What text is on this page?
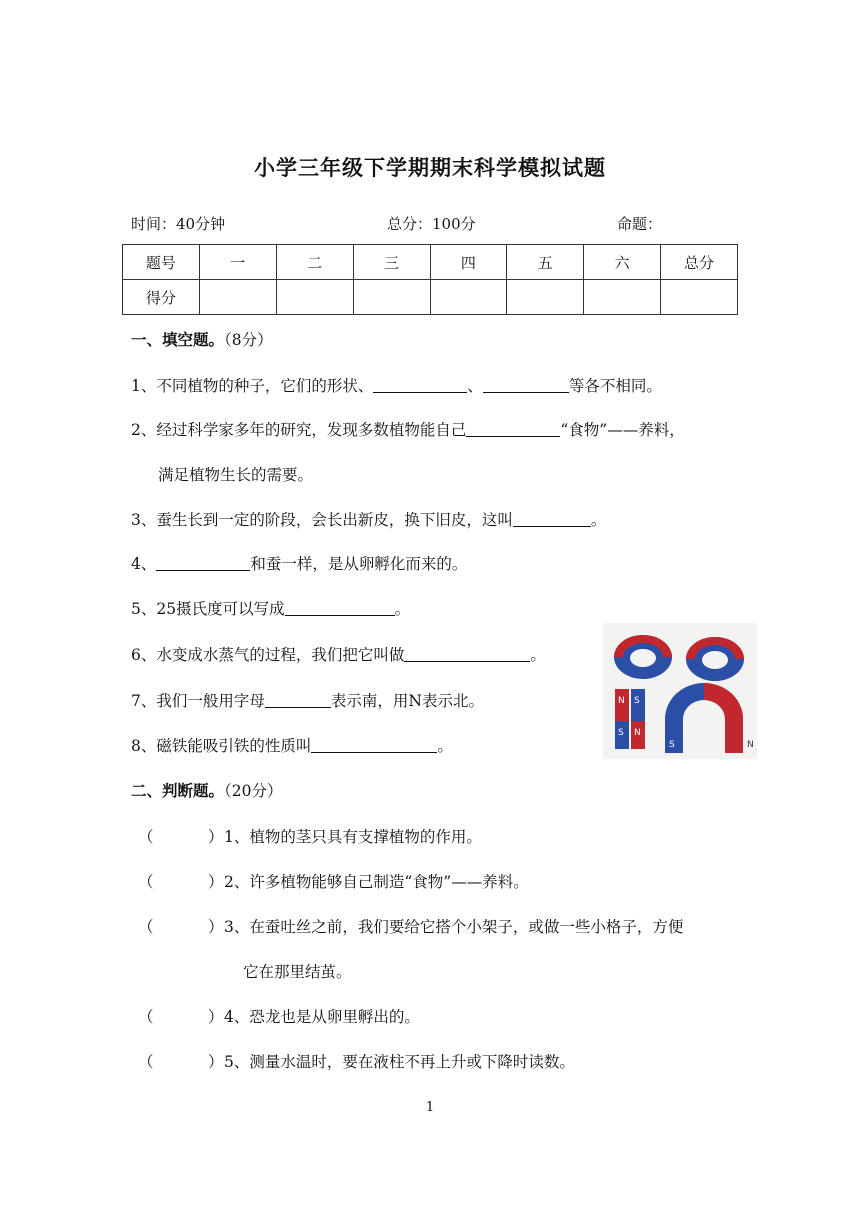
小学三年级下学期期末科学模拟试题
时间：40分钟	总分：100分	命题：
题号	一	二	三	四	五	六	总分
得分							
一、填空题。（8分）
1、不同植物的种子，它们的形状、	、	等各不相同。
2、经过科学家多年的研究，发现多数植物能自己	“食物”——养料，
满足植物生长的需要。
3、蚕生长到一定的阶段，会长出新皮，换下旧皮，这叫	。
4、	和蚕一样，是从卵孵化而来的。
5、25摄氏度可以写成	。
6、水变成水蒸气的过程，我们把它叫做	。
7、我们一般用字母	表示南，用N表示北。
8、磁铁能吸引铁的性质叫	。
N S
S N
S	N
二、判断题。（20分）
（	） 1、植物的茎只具有支撑植物的作用。
（	） 2、许多植物能够自己制造“食物”——养料。
（	） 3、在蚕吐丝之前，我们要给它搭个小架子，或做一些小格子，方便
它在那里结茧。
（	） 4、恐龙也是从卵里孵出的。
（	） 5、测量水温时，要在液柱不再上升或下降时读数。
1
